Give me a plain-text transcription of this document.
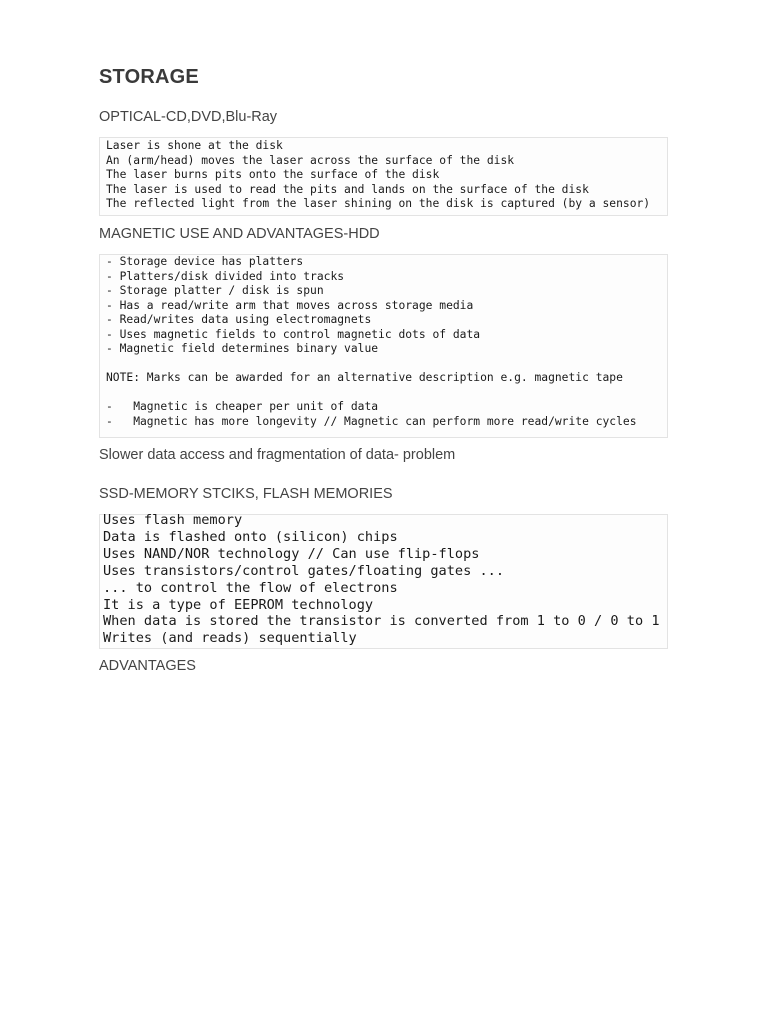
STORAGE
OPTICAL-CD,DVD,Blu-Ray
Laser is shone at the disk
An (arm/head) moves the laser across the surface of the disk
The laser burns pits onto the surface of the disk
The laser is used to read the pits and lands on the surface of the disk
The reflected light from the laser shining on the disk is captured (by a sensor)
MAGNETIC USE AND ADVANTAGES-HDD
- Storage device has platters
- Platters/disk divided into tracks
- Storage platter / disk is spun
- Has a read/write arm that moves across storage media
- Read/writes data using electromagnets
- Uses magnetic fields to control magnetic dots of data
- Magnetic field determines binary value

NOTE: Marks can be awarded for an alternative description e.g. magnetic tape

-   Magnetic is cheaper per unit of data
-   Magnetic has more longevity // Magnetic can perform more read/write cycles
Slower data access and fragmentation of data- problem
SSD-MEMORY STCIKS, FLASH MEMORIES
Uses flash memory
Data is flashed onto (silicon) chips
Uses NAND/NOR technology // Can use flip-flops
Uses transistors/control gates/floating gates ...
... to control the flow of electrons
It is a type of EEPROM technology
When data is stored the transistor is converted from 1 to 0 / 0 to 1
Writes (and reads) sequentially
ADVANTAGES
